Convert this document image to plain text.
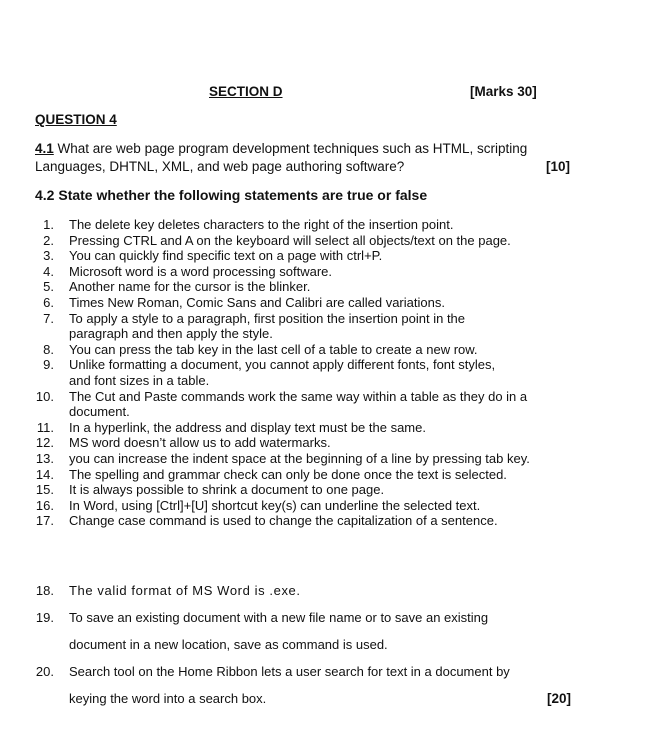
SECTION D	[Marks 30]
QUESTION 4
4.1 What are web page program development techniques such as HTML, scripting
Languages, DHTNL, XML, and web page authoring software?	[10]
4.2 State whether the following statements are true or false
1. The delete key deletes characters to the right of the insertion point.
2. Pressing CTRL and A on the keyboard will select all objects/text on the page.
3. You can quickly find specific text on a page with ctrl+P.
4. Microsoft word is a word processing software.
5. Another name for the cursor is the blinker.
6. Times New Roman, Comic Sans and Calibri are called variations.
7. To apply a style to a paragraph, first position the insertion point in the
paragraph and then apply the style.
8. You can press the tab key in the last cell of a table to create a new row.
9. Unlike formatting a document, you cannot apply different fonts, font styles,
and font sizes in a table.
10. The Cut and Paste commands work the same way within a table as they do in a
document.
11. In a hyperlink, the address and display text must be the same.
12. MS word doesn’t allow us to add watermarks.
13. you can increase the indent space at the beginning of a line by pressing tab key.
14. The spelling and grammar check can only be done once the text is selected.
15. It is always possible to shrink a document to one page.
16. In Word, using [Ctrl]+[U] shortcut key(s) can underline the selected text.
17. Change case command is used to change the capitalization of a sentence.
18. The valid format of MS Word is .exe.
19. To save an existing document with a new file name or to save an existing
document in a new location, save as command is used.
20. Search tool on the Home Ribbon lets a user search for text in a document by
keying the word into a search box.	[20]
